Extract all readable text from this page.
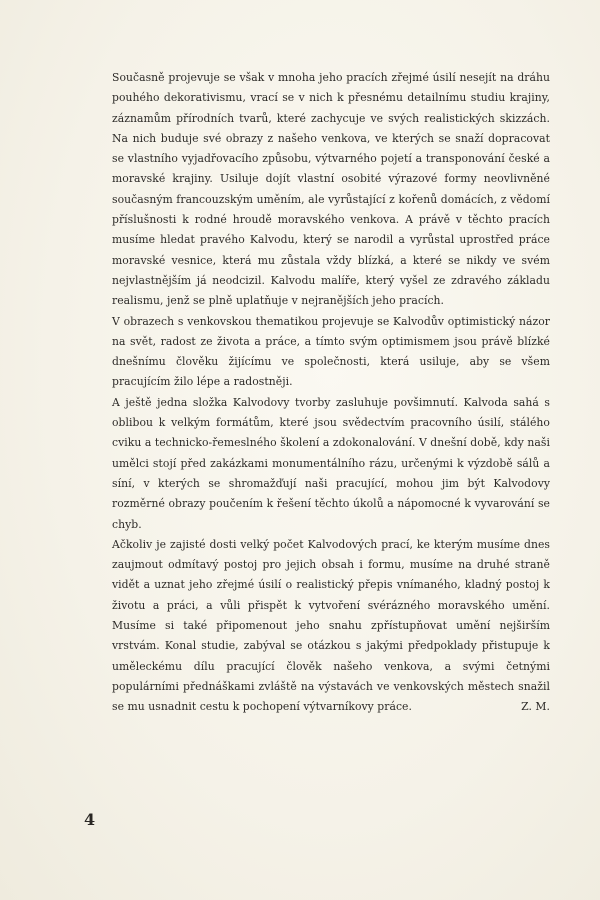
Současně projevuje se však v mnoha jeho pracích zřejmé úsilí nesejít na dráhu pouhého dekorativismu, vrací se v nich k přesnému detailnímu studiu krajiny, záznamům přírodních tvarů, které zachycuje ve svých realistických skizzách. Na nich buduje své obrazy z našeho venkova, ve kterých se snaží dopracovat se vlastního vyjadřovacího způsobu, výtvarného pojetí a transponování české a moravské krajiny. Usiluje dojít vlastní osobité výrazové formy neovlivněné současným francouzským uměním, ale vyrůstající z kořenů domácích, z vědomí příslušnosti k rodné hroudě moravského venkova. A právě v těchto pracích musíme hledat pravého Kalvodu, který se narodil a vyrůstal uprostřed práce moravské vesnice, která mu zůstala vždy blízká, a které se nikdy ve svém nejvlastnějším já neodcizil. Kalvodu malíře, který vyšel ze zdravého základu realismu, jenž se plně uplatňuje v nejranějších jeho pracích.

V obrazech s venkovskou thematikou projevuje se Kalvodův optimistický názor na svět, radost ze života a práce, a tímto svým optimismem jsou právě blízké dnešnímu člověku žijícímu ve společnosti, která usiluje, aby se všem pracujícím žilo lépe a radostněji.

A ještě jedna složka Kalvodovy tvorby zasluhuje povšimnutí. Kalvoda sahá s oblibou k velkým formátům, které jsou svědectvím pracovního úsilí, stálého cviku a technicko-řemeslného školení a zdokonalování. V dnešní době, kdy naši umělci stojí před zakázkami monumentálního rázu, určenými k výzdobě sálů a síní, v kterých se shromažďují naši pracující, mohou jim být Kalvodovy rozměrné obrazy poučením k řešení těchto úkolů a nápomocné k vyvarování se chyb.

Ačkoliv je zajisté dosti velký počet Kalvodových prací, ke kterým musíme dnes zaujmout odmítavý postoj pro jejich obsah i formu, musíme na druhé straně vidět a uznat jeho zřejmé úsilí o realistický přepis vnímaného, kladný postoj k životu a práci, a vůli přispět k vytvoření svérázného moravského umění. Musíme si také připomenout jeho snahu zpřístupňovat umění nejširším vrstvám. Konal studie, zabýval se otázkou s jakými předpoklady přistupuje k uměleckému dílu pracující člověk našeho venkova, a svými četnými populárními přednáškami zvláště na výstavách ve venkovských městech snažil se mu usnadnit cestu k pochopení výtvarníkovy práce.	Z. M.
4
